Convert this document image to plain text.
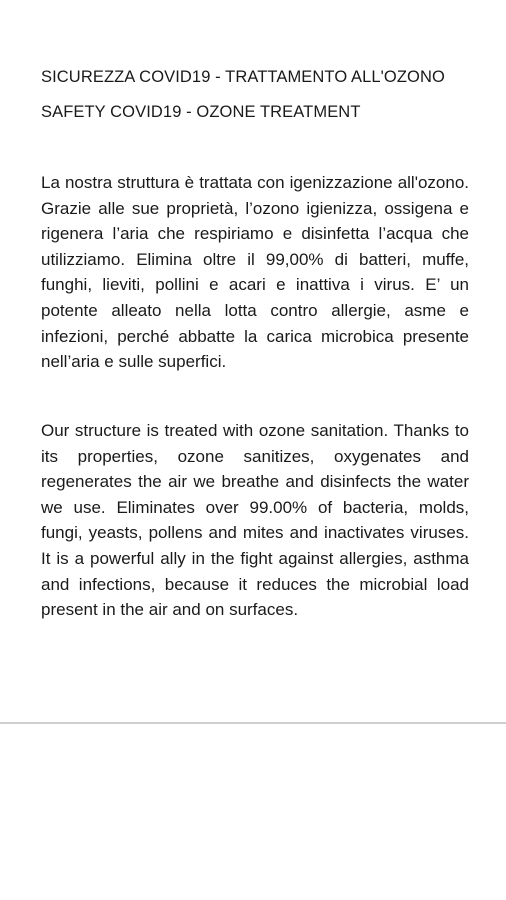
SICUREZZA COVID19 - TRATTAMENTO ALL'OZONO
SAFETY COVID19 - OZONE TREATMENT

La nostra struttura è trattata con igenizzazione all'ozono. Grazie alle sue proprietà, l’ozono igienizza, ossigena e rigenera l’aria che respiriamo e disinfetta l’acqua che utilizziamo. Elimina oltre il 99,00% di batteri, muffe, funghi, lieviti, pollini e acari e inattiva i virus. E’ un potente alleato nella lotta contro allergie, asme e infezioni, perché abbatte la carica microbica presente nell’aria e sulle superfici.

Our structure is treated with ozone sanitation. Thanks to its properties, ozone sanitizes, oxygenates and regenerates the air we breathe and disinfects the water we use. Eliminates over 99.00% of bacteria, molds, fungi, yeasts, pollens and mites and inactivates viruses. It is a powerful ally in the fight against allergies, asthma and infections, because it reduces the microbial load present in the air and on surfaces.
